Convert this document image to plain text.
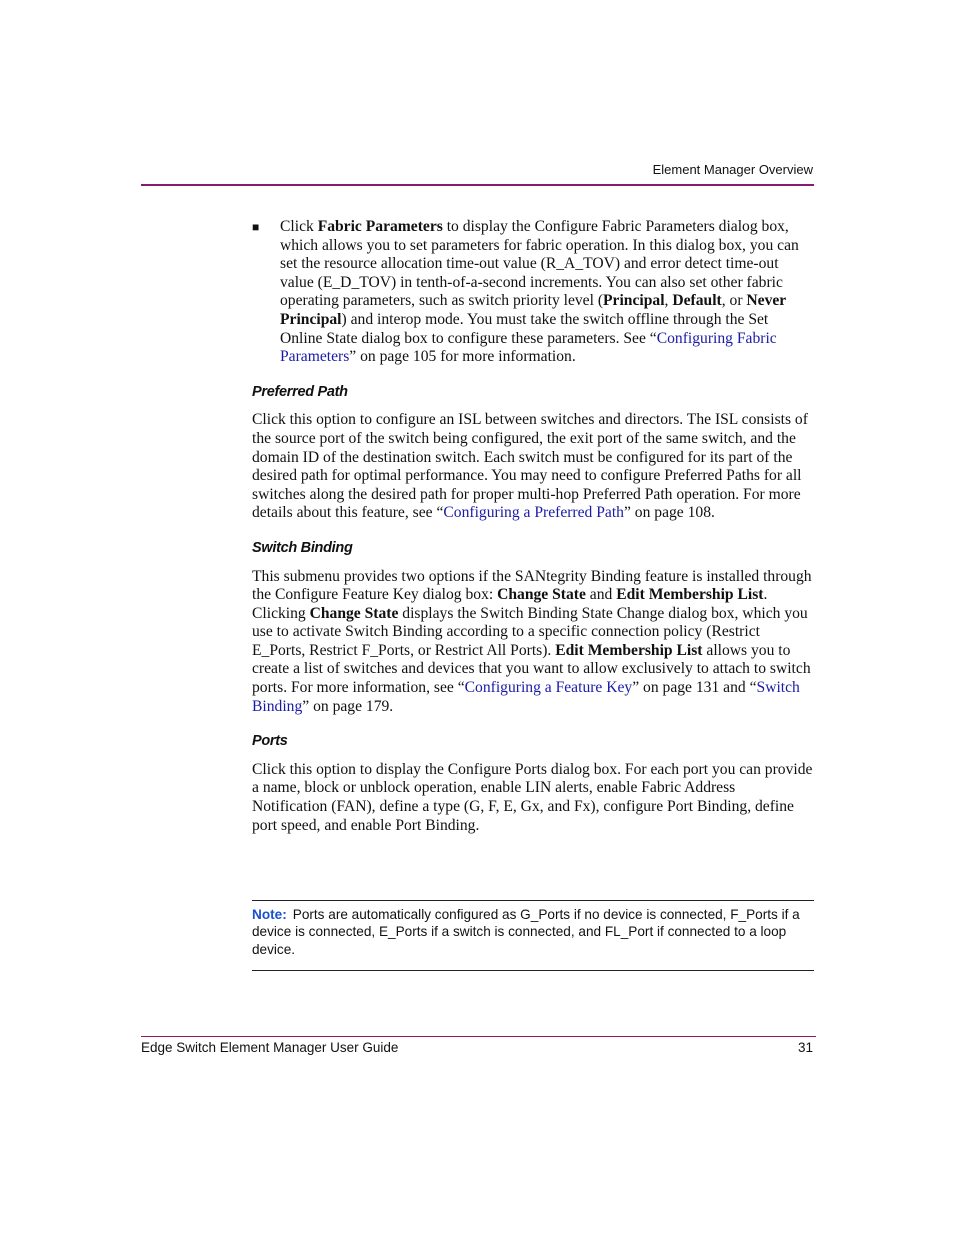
Element Manager Overview
■ Click Fabric Parameters to display the Configure Fabric Parameters dialog box, which allows you to set parameters for fabric operation. In this dialog box, you can set the resource allocation time-out value (R_A_TOV) and error detect time-out value (E_D_TOV) in tenth-of-a-second increments. You can also set other fabric operating parameters, such as switch priority level (Principal, Default, or Never Principal) and interop mode. You must take the switch offline through the Set Online State dialog box to configure these parameters. See “Configuring Fabric Parameters” on page 105 for more information.
Preferred Path

Click this option to configure an ISL between switches and directors. The ISL consists of the source port of the switch being configured, the exit port of the same switch, and the domain ID of the destination switch. Each switch must be configured for its part of the desired path for optimal performance. You may need to configure Preferred Paths for all switches along the desired path for proper multi-hop Preferred Path operation. For more details about this feature, see “Configuring a Preferred Path” on page 108.

Switch Binding

This submenu provides two options if the SANtegrity Binding feature is installed through the Configure Feature Key dialog box: Change State and Edit Membership List. Clicking Change State displays the Switch Binding State Change dialog box, which you use to activate Switch Binding according to a specific connection policy (Restrict E_Ports, Restrict F_Ports, or Restrict All Ports). Edit Membership List allows you to create a list of switches and devices that you want to allow exclusively to attach to switch ports. For more information, see “Configuring a Feature Key” on page 131 and “Switch Binding” on page 179.

Ports

Click this option to display the Configure Ports dialog box. For each port you can provide a name, block or unblock operation, enable LIN alerts, enable Fabric Address Notification (FAN), define a type (G, F, E, Gx, and Fx), configure Port Binding, define port speed, and enable Port Binding.

Note: Ports are automatically configured as G_Ports if no device is connected, F_Ports if a device is connected, E_Ports if a switch is connected, and FL_Port if connected to a loop device.
Edge Switch Element Manager User Guide	31
